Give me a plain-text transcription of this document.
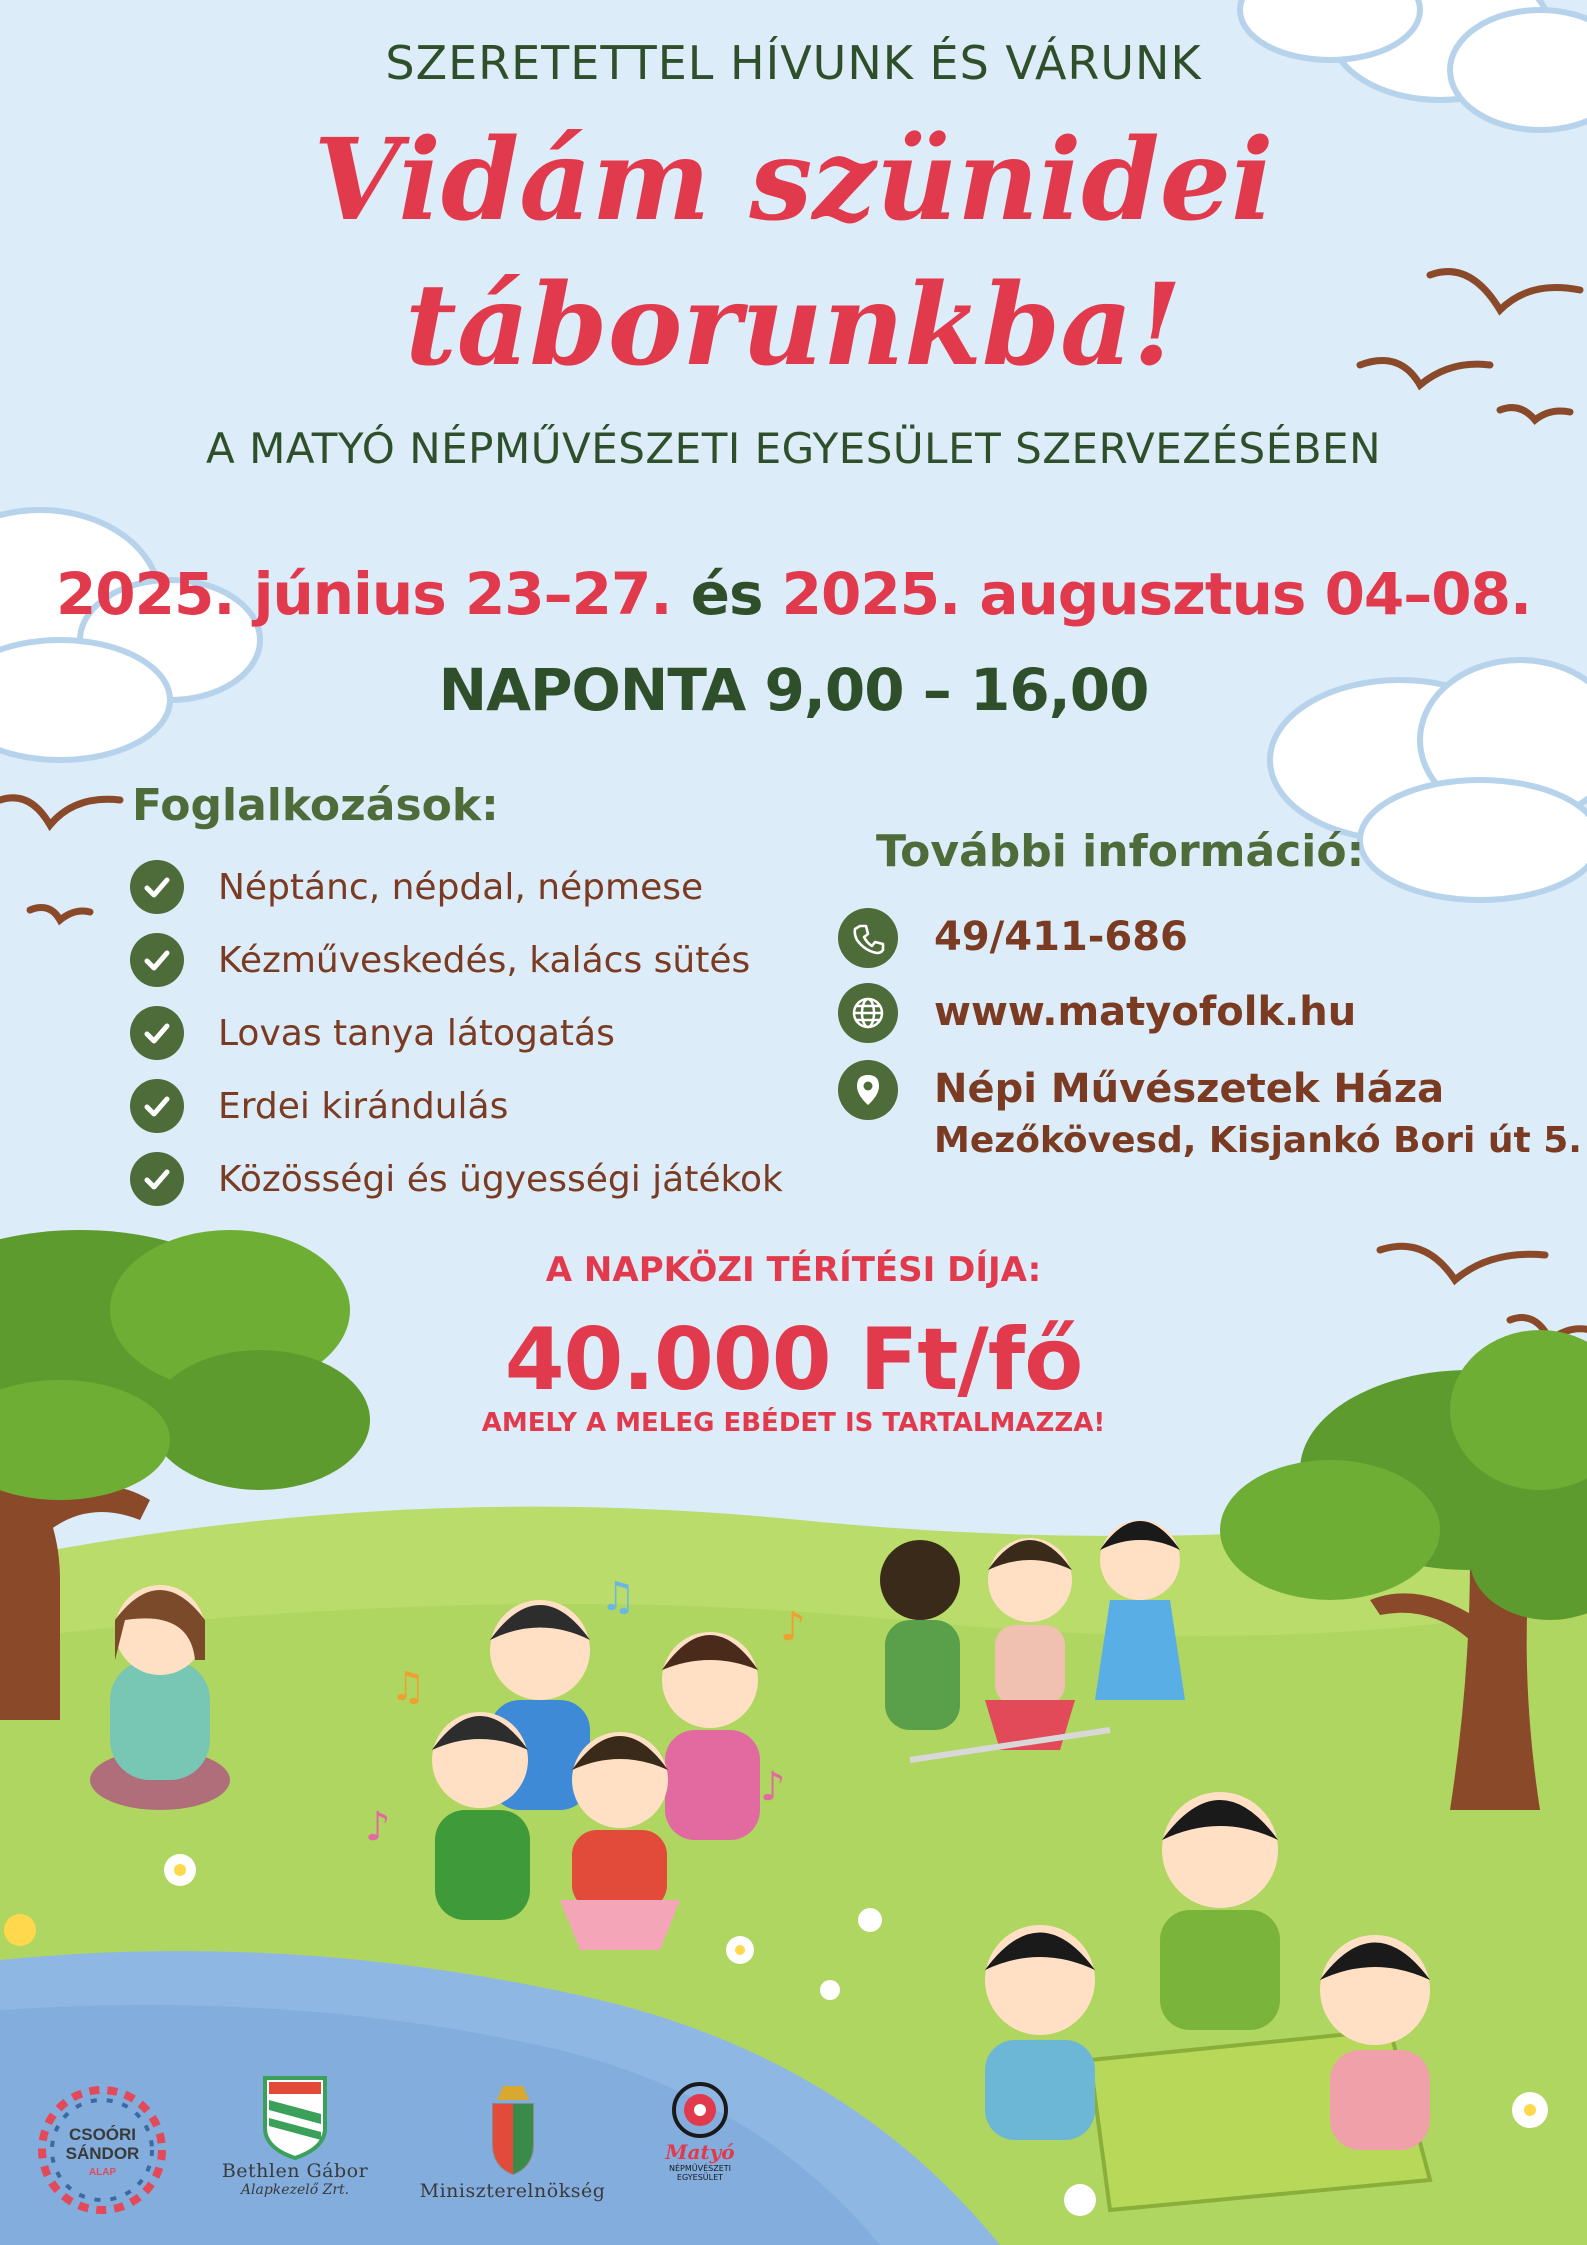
♫
♫
♪
♪
♪
SZERETETTEL HÍVUNK ÉS VÁRUNK
Vidám szünidei
táborunkba!
A MATYÓ NÉPMŰVÉSZETI EGYESÜLET SZERVEZÉSÉBEN
2025. június 23–27. és 2025. augusztus 04–08.
NAPONTA 9,00 – 16,00
Foglalkozások:
Néptánc, népdal, népmese
Kézműveskedés, kalács sütés
Lovas tanya látogatás
Erdei kirándulás
Közösségi és ügyességi játékok
További információ:
49/411-686
www.matyofolk.hu
Népi Művészetek Háza
Mezőkövesd, Kisjankó Bori út 5.
A NAPKÖZI TÉRÍTÉSI DÍJA:
40.000 Ft/fő
AMELY A MELEG EBÉDET IS TARTALMAZZA!
CSOÓRI
SÁNDOR
ALAP	Bethlen Gábor
Alapkezelő Zrt.	Miniszterelnökség
Matyó
NÉPMŰVÉSZETI
EGYESÜLET
